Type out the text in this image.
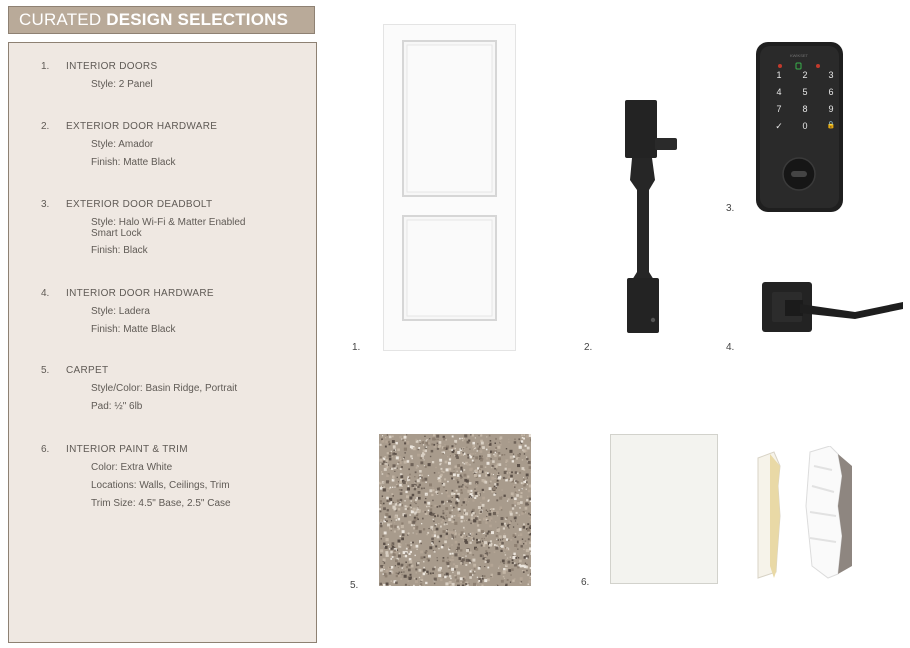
CURATED DESIGN SELECTIONS
1. INTERIOR DOORS
Style: 2 Panel
2. EXTERIOR DOOR HARDWARE
Style: Amador
Finish: Matte Black
3. EXTERIOR DOOR DEADBOLT
Style: Halo Wi-Fi & Matter Enabled Smart Lock
Finish: Black
4. INTERIOR DOOR HARDWARE
Style: Ladera
Finish: Matte Black
5. CARPET
Style/Color: Basin Ridge, Portrait
Pad: ½" 6lb
6. INTERIOR PAINT & TRIM
Color: Extra White
Locations: Walls, Ceilings, Trim
Trim Size: 4.5" Base, 2.5" Case
1.	2.
KWIKSET
1	2	3
4	5	6
7	8	9
✓	0	🔒
3.
4.
5.	6.
